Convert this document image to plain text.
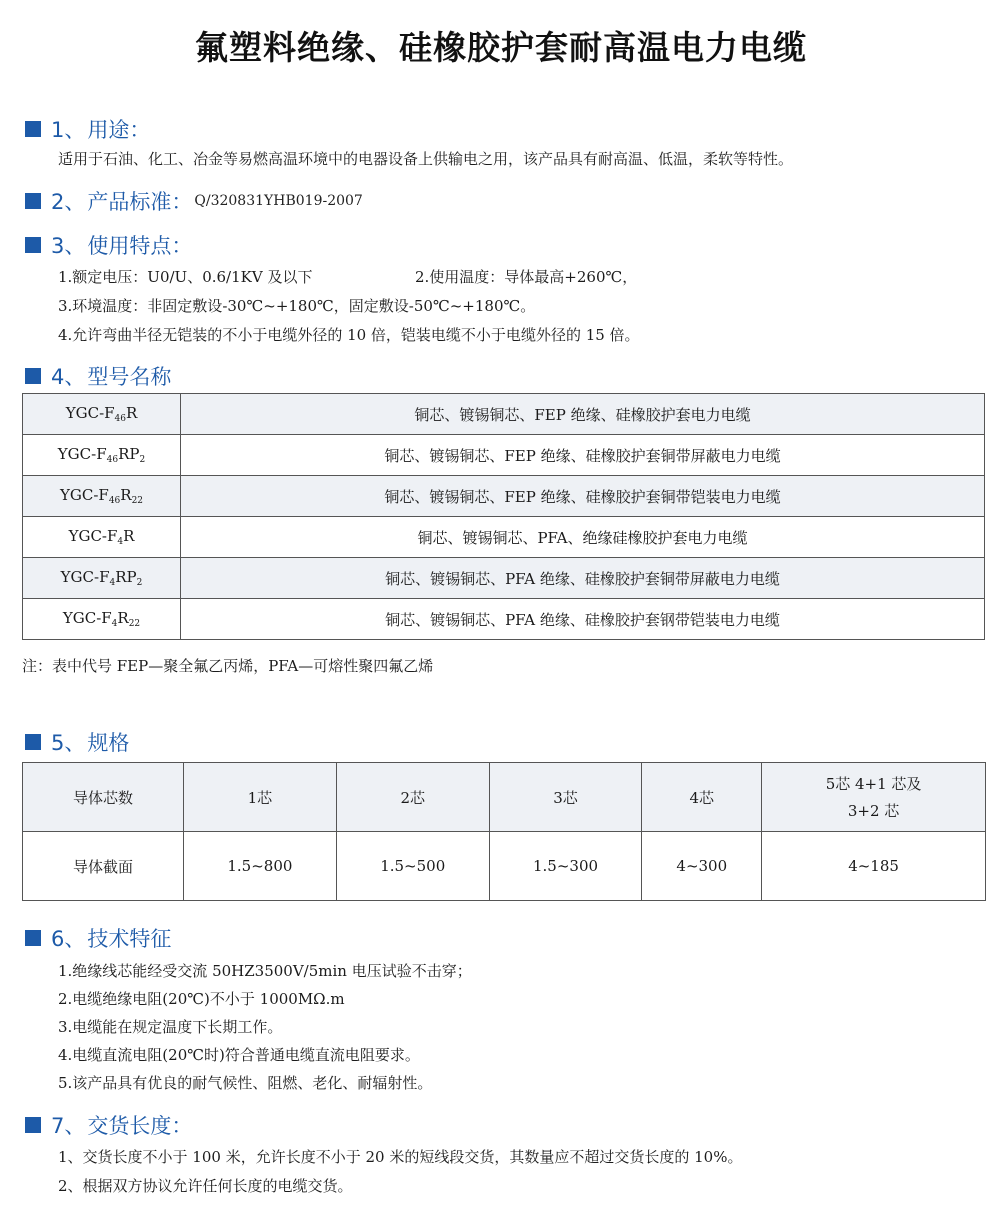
氟塑料绝缘、硅橡胶护套耐高温电力电缆
1、 用途：
适用于石油、化工、冶金等易燃高温环境中的电器设备上供输电之用，该产品具有耐高温、低温，柔软等特性。
2、 产品标准： Q/320831YHB019-2007
3、 使用特点：
1.额定电压：U0/U、0.6/1KV 及以下	2.使用温度：导体最高+260℃，
3.环境温度：非固定敷设-30℃~+180℃，固定敷设-50℃~+180℃。
4.允许弯曲半径无铠装的不小于电缆外径的 10 倍，铠装电缆不小于电缆外径的 15 倍。
4、 型号名称
YGC-$F_{46}R$	铜芯、镀锡铜芯、FEP 绝缘、硅橡胶护套电力电缆
YGC-$F_{46}RP_2$	铜芯、镀锡铜芯、FEP 绝缘、硅橡胶护套铜带屏蔽电力电缆
YGC-$F_{46}R_{22}$	铜芯、镀锡铜芯、FEP 绝缘、硅橡胶护套铜带铠装电力电缆
YGC-$F_4R$	铜芯、镀锡铜芯、PFA、绝缘硅橡胶护套电力电缆
YGC-$F_4RP_2$	铜芯、镀锡铜芯、PFA 绝缘、硅橡胶护套铜带屏蔽电力电缆
YGC-$F_4R_{22}$	铜芯、镀锡铜芯、PFA 绝缘、硅橡胶护套钢带铠装电力电缆
注：表中代号 FEP—聚全氟乙丙烯，PFA—可熔性聚四氟乙烯
5、 规格
导体芯数	1芯	2芯	3芯	4芯	5芯 4+1 芯及
3+2 芯

导体截面	1.5~800	1.5~500	1.5~300	4~300	4~185
6、 技术特征
1.绝缘线芯能经受交流 50HZ3500V/5min 电压试验不击穿；
2.电缆绝缘电阻(20℃)不小于 1000MΩ.m
3.电缆能在规定温度下长期工作。
4.电缆直流电阻(20℃时)符合普通电缆直流电阻要求。
5.该产品具有优良的耐气候性、阻燃、老化、耐辐射性。
7、 交货长度：
1、交货长度不小于 100 米，允许长度不小于 20 米的短线段交货，其数量应不超过交货长度的 10%。
2、根据双方协议允许任何长度的电缆交货。
